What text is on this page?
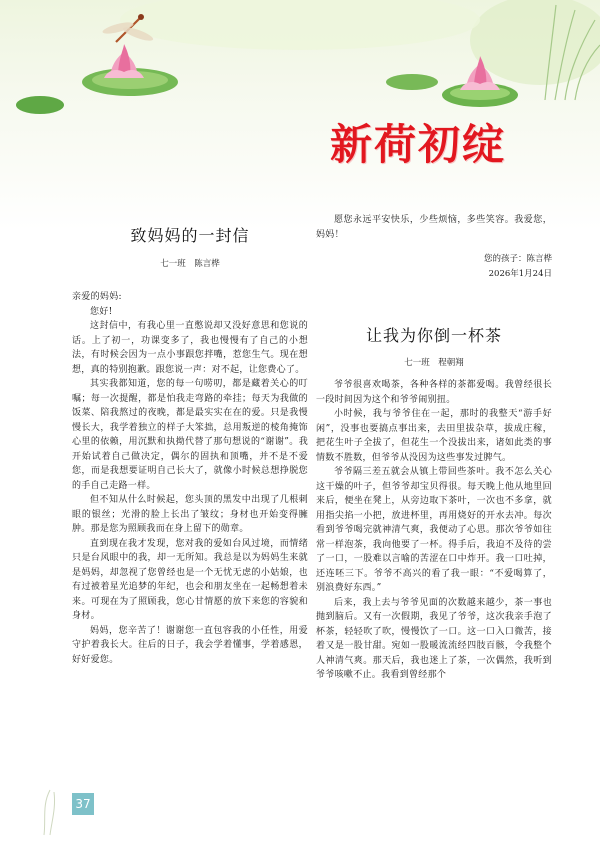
新荷初绽
致妈妈的一封信

七一班　陈言桦

亲爱的妈妈:

您好!

这封信中，有我心里一直憋说却又没好意思和您说的话。上了初一，功课变多了，我也慢慢有了自己的小想法，有时候会因为一点小事跟您拌嘴，惹您生气。现在想想，真的特别抱歉。跟您说一声：对不起，让您费心了。

其实我都知道，您的每一句唠叨，都是藏着关心的叮嘱；每一次提醒，都是怕我走弯路的牵挂；每天为我做的饭菜、陪我熬过的夜晚，都是最实实在在的爱。只是我慢慢长大，我学着独立的样子大笨拙，总用叛逆的棱角掩饰心里的依赖，用沉默和执拗代替了那句想说的“谢谢”。我开始试着自己做决定，偶尔的固执和顶嘴，并不是不爱您，而是我想要证明自己长大了，就像小时候总想挣脱您的手自己走路一样。

但不知从什么时候起，您头顶的黑发中出现了几根刺眼的银丝；光滑的脸上长出了皱纹；身材也开始变得臃肿。那是您为照顾我而在身上留下的勋章。

直到现在我才发现，您对我的爱如台风过境，而情绪只是台风眼中的我，却一无所知。我总是以为妈妈生来就是妈妈，却忽视了您曾经也是一个无忧无虑的小姑娘，也有过被着星光追梦的年纪，也会和朋友坐在一起畅想着未来。可现在为了照顾我，您心甘情愿的放下来您的容貌和身材。

妈妈，您辛苦了！谢谢您一直包容我的小任性，用爱守护着我长大。往后的日子，我会学着懂事，学着感恩，好好爱您。

愿您永远平安快乐，少些烦恼，多些笑容。我爱您，妈妈！

您的孩子：陈言桦

2026年1月24日

让我为你倒一杯茶

七一班　程朝翔

爷爷很喜欢喝茶，各种各样的茶都爱喝。我曾经很长一段时间因为这个和爷爷闹别扭。

小时候，我与爷爷住在一起，那时的我整天“游手好闲”，没事也要搞点事出来，去田里拔杂草，拔成庄稼，把花生叶子全拔了，但花生一个没拔出来，诸如此类的事情数不胜数，但爷爷从没因为这些事发过脾气。

爷爷隔三差五就会从镇上带回些茶叶。我不怎么关心这干燥的叶子，但爷爷却宝贝得很。每天晚上他从地里回来后，便坐在凳上，从旁边取下茶叶，一次也不多拿，就用指尖掐一小把，放进杯里，再用烧好的开水去冲。每次看到爷爷喝完就神清气爽，我便动了心思。那次爷爷如往常一样泡茶，我向他要了一杯。得手后，我迫不及待的尝了一口，一股难以言喻的苦涩在口中炸开。我一口吐掉，还连呸三下。爷爷不高兴的看了我一眼：“不爱喝算了，别浪费好东西。”

后来，我上去与爷爷见面的次数越来越少，茶一事也抛到脑后。又有一次假期，我见了爷爷，这次我亲手泡了杯茶，轻轻吹了吹，慢慢饮了一口。这一口入口微苦，接着又是一股甘甜。宛如一股暖流流经四肢百骸，令我整个人神清气爽。那天后，我也迷上了茶，一次偶然，我听到爷爷咳嗽不止。我看到曾经那个

37
